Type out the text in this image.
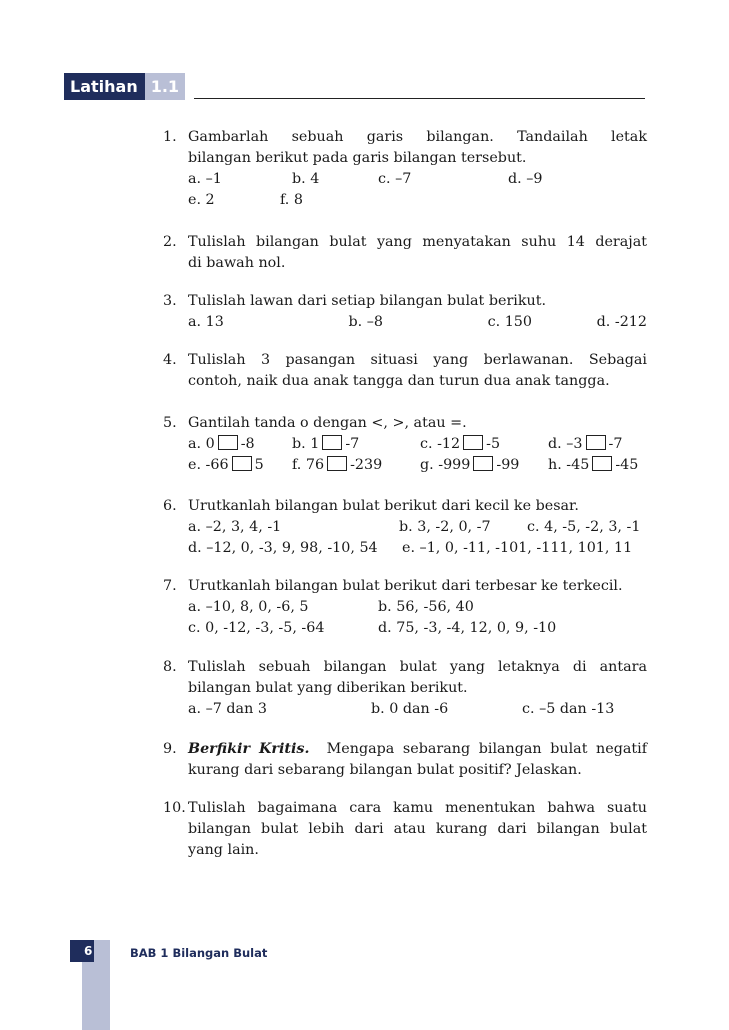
Latihan 1.1
1. Gambarlah sebuah garis bilangan. Tandailah letak
bilangan berikut pada garis bilangan tersebut.
a. –1	b. 4	c. –7	d. –9
e. 2	f. 8
2. Tulislah bilangan bulat yang menyatakan suhu 14 derajat
di bawah nol.
3. Tulislah lawan dari setiap bilangan bulat berikut.
a. 13	b. –8	c. 150	d. -212
4. Tulislah 3 pasangan situasi yang berlawanan. Sebagai
contoh, naik dua anak tangga dan turun dua anak tangga.
5. Gantilah tanda o dengan <, >, atau =.
a. 0 -8	b. 1 -7	c. -12 -5	d. –3 -7
e. -66 5 f. 76 -239	g. -999 -99 h. -45 -45
6. Urutkanlah bilangan bulat berikut dari kecil ke besar.
a. –2, 3, 4, -1	b. 3, -2, 0, -7	c. 4, -5, -2, 3, -1
d. –12, 0, -3, 9, 98, -10, 54 e. –1, 0, -11, -101, -111, 101, 11
7. Urutkanlah bilangan bulat berikut dari terbesar ke terkecil.
a. –10, 8, 0, -6, 5	b. 56, -56, 40
c. 0, -12, -3, -5, -64	d. 75, -3, -4, 12, 0, 9, -10
8. Tulislah sebuah bilangan bulat yang letaknya di antara
bilangan bulat yang diberikan berikut.
a. –7 dan 3	b. 0 dan -6	c. –5 dan -13
9. Berfikir Kritis. Mengapa sebarang bilangan bulat negatif
kurang dari sebarang bilangan bulat positif? Jelaskan.
10. Tulislah bagaimana cara kamu menentukan bahwa suatu
bilangan bulat lebih dari atau kurang dari bilangan bulat
yang lain.
6	BAB 1 Bilangan Bulat
